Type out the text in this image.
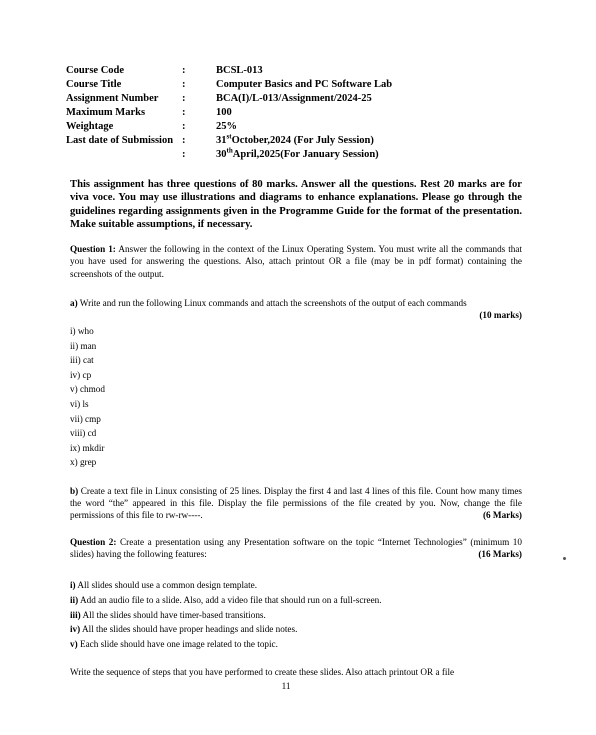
Course Code	:	BCSL-013
Course Title	:	Computer Basics and PC Software Lab
Assignment Number :	BCA(I)/L-013/Assignment/2024-25
Maximum Marks	:	100
Weightage	:	25%
Last date of Submission :	31stOctober,2024 (For July Session)
:	30thApril,2025(For January Session)
This assignment has three questions of 80 marks. Answer all the questions. Rest 20 marks are for viva voce. You may use illustrations and diagrams to enhance explanations. Please go through the guidelines regarding assignments given in the Programme Guide for the format of the presentation. Make suitable assumptions, if necessary.
Question 1: Answer the following in the context of the Linux Operating System. You must write all the commands that you have used for answering the questions. Also, attach printout OR a file (may be in pdf format) containing the screenshots of the output.
a) Write and run the following Linux commands and attach the screenshots of the output of each commands
(10 marks)
i) who
ii) man
iii) cat
iv) cp
v) chmod
vi) ls
vii) cmp
viii) cd
ix) mkdir
x) grep
b) Create a text file in Linux consisting of 25 lines. Display the first 4 and last 4 lines of this file. Count how many times the word “the” appeared in this file. Display the file permissions of the file created by you. Now, change the file permissions of this file to rw-rw----.	(6 Marks)
Question 2: Create a presentation using any Presentation software on the topic “Internet Technologies” (minimum 10 slides) having the following features:	(16 Marks)
i) All slides should use a common design template.
ii) Add an audio file to a slide. Also, add a video file that should run on a full-screen.
iii) All the slides should have timer-based transitions.
iv) All the slides should have proper headings and slide notes.
v) Each slide should have one image related to the topic.
Write the sequence of steps that you have performed to create these slides. Also attach printout OR a file
11
